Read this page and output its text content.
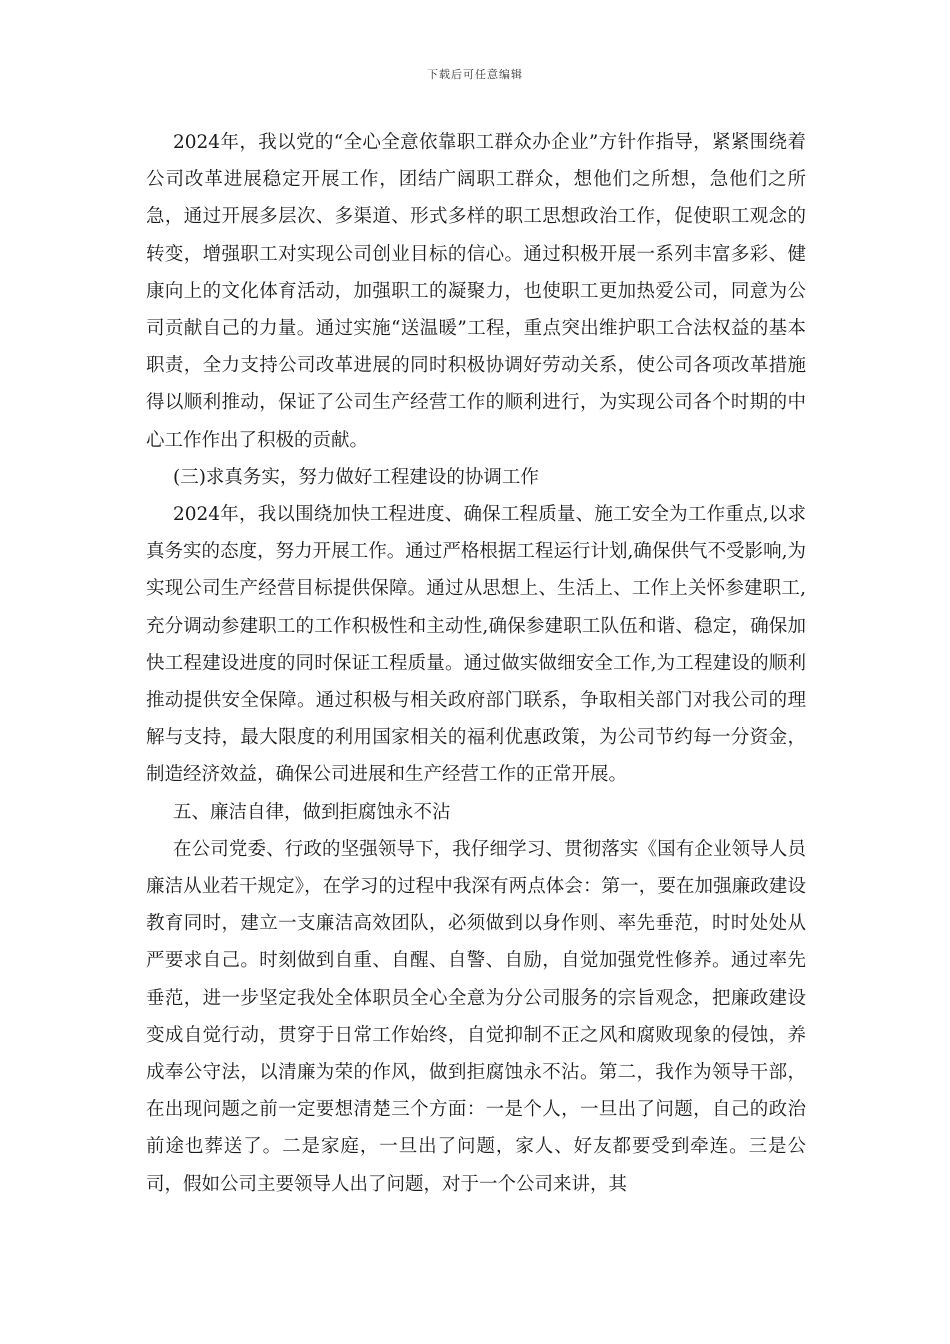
下载后可任意编辑

2024年，我以党的“全心全意依靠职工群众办企业”方针作指导，紧紧围绕着公司改革进展稳定开展工作，团结广阔职工群众，想他们之所想，急他们之所急，通过开展多层次、多渠道、形式多样的职工思想政治工作，促使职工观念的转变，增强职工对实现公司创业目标的信心。通过积极开展一系列丰富多彩、健康向上的文化体育活动，加强职工的凝聚力，也使职工更加热爱公司，同意为公司贡献自己的力量。通过实施“送温暖”工程，重点突出维护职工合法权益的基本职责，全力支持公司改革进展的同时积极协调好劳动关系，使公司各项改革措施得以顺利推动，保证了公司生产经营工作的顺利进行，为实现公司各个时期的中心工作作出了积极的贡献。

(三)求真务实，努力做好工程建设的协调工作

2024年，我以围绕加快工程进度、确保工程质量、施工安全为工作重点,以求真务实的态度，努力开展工作。通过严格根据工程运行计划,确保供气不受影响,为实现公司生产经营目标提供保障。通过从思想上、生活上、工作上关怀参建职工,充分调动参建职工的工作积极性和主动性,确保参建职工队伍和谐、稳定，确保加快工程建设进度的同时保证工程质量。通过做实做细安全工作,为工程建设的顺利推动提供安全保障。通过积极与相关政府部门联系，争取相关部门对我公司的理解与支持，最大限度的利用国家相关的福利优惠政策，为公司节约每一分资金，制造经济效益，确保公司进展和生产经营工作的正常开展。

五、廉洁自律，做到拒腐蚀永不沾

在公司党委、行政的坚强领导下，我仔细学习、贯彻落实《国有企业领导人员廉洁从业若干规定》，在学习的过程中我深有两点体会：第一，要在加强廉政建设教育同时，建立一支廉洁高效团队，必须做到以身作则、率先垂范，时时处处从严要求自己。时刻做到自重、自醒、自警、自励，自觉加强党性修养。通过率先垂范，进一步坚定我处全体职员全心全意为分公司服务的宗旨观念，把廉政建设变成自觉行动，贯穿于日常工作始终，自觉抑制不正之风和腐败现象的侵蚀，养成奉公守法，以清廉为荣的作风，做到拒腐蚀永不沾。第二，我作为领导干部，在出现问题之前一定要想清楚三个方面：一是个人，一旦出了问题，自己的政治前途也葬送了。二是家庭，一旦出了问题，家人、好友都要受到牵连。三是公司，假如公司主要领导人出了问题，对于一个公司来讲，其
